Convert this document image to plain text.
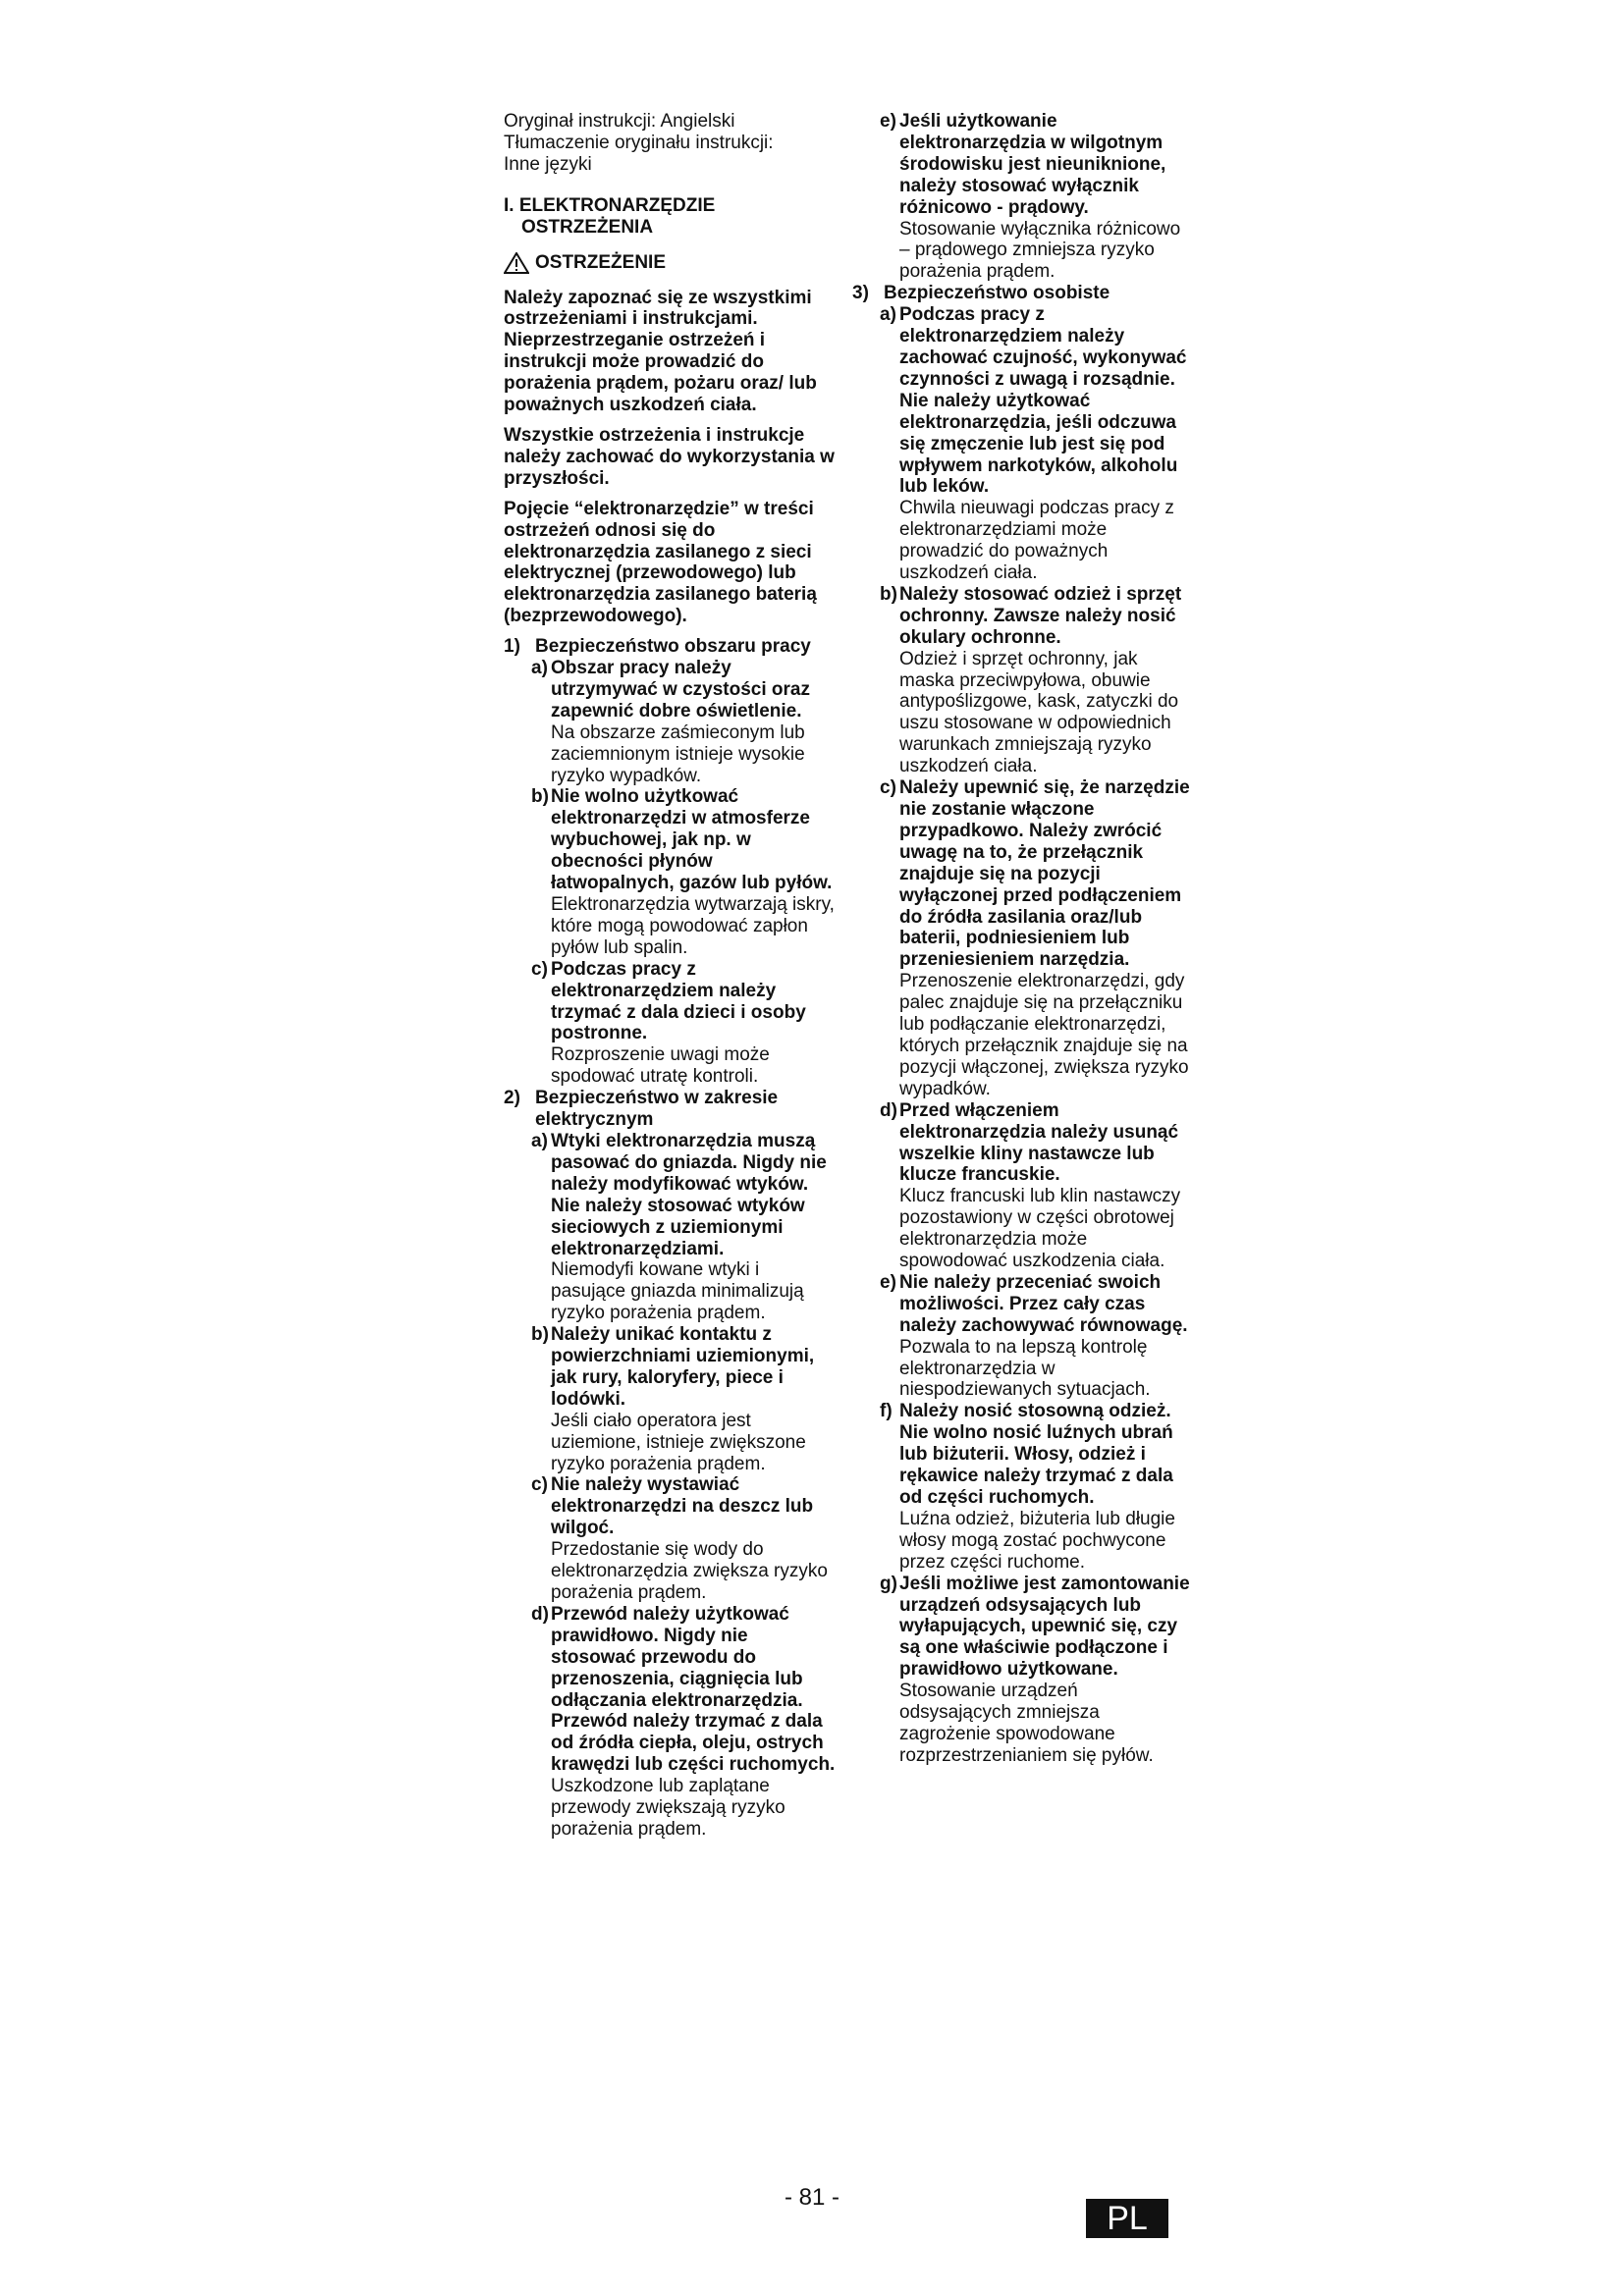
Oryginał instrukcji: Angielski

Tłumaczenie oryginału instrukcji:

Inne języki

I. ELEKTRONARZĘDZIE

OSTRZEŻENIA

OSTRZEŻENIE

Należy zapoznać się ze wszystkimi ostrzeżeniami i instrukcjami. Nieprzestrzeganie ostrzeżeń i instrukcji może prowadzić do porażenia prądem, pożaru oraz/ lub poważnych uszkodzeń ciała.

Wszystkie ostrzeżenia i instrukcje należy zachować do wykorzystania w przyszłości.

Pojęcie “elektronarzędzie” w treści ostrzeżeń odnosi się do elektronarzędzia zasilanego z sieci elektrycznej (przewodowego) lub elektronarzędzia zasilanego baterią (bezprzewodowego).

1) Bezpieczeństwo obszaru pracy
a) Obszar pracy należy utrzymywać w czystości oraz zapewnić dobre oświetlenie.

Na obszarze zaśmieconym lub zaciemnionym istnieje wysokie ryzyko wypadków.

b) Nie wolno użytkować elektronarzędzi w atmosferze wybuchowej, jak np. w obecności płynów łatwopalnych, gazów lub pyłów.

Elektronarzędzia wytwarzają iskry, które mogą powodować zapłon pyłów lub spalin.

c) Podczas pracy z elektronarzędziem należy trzymać z dala dzieci i osoby postronne.

Rozproszenie uwagi może spodować utratę kontroli.

2) Bezpieczeństwo w zakresie elektrycznym
a) Wtyki elektronarzędzia muszą pasować do gniazda. Nigdy nie należy modyfikować wtyków. Nie należy stosować wtyków sieciowych z uziemionymi elektronarzędziami.

Niemodyfi kowane wtyki i pasujące gniazda minimalizują ryzyko porażenia prądem.

b) Należy unikać kontaktu z powierzchniami uziemionymi, jak rury, kaloryfery, piece i lodówki.

Jeśli ciało operatora jest uziemione, istnieje zwiększone ryzyko porażenia prądem.

c) Nie należy wystawiać elektronarzędzi na deszcz lub wilgoć.

Przedostanie się wody do elektronarzędzia zwiększa ryzyko porażenia prądem.

d) Przewód należy użytkować prawidłowo. Nigdy nie stosować przewodu do przenoszenia, ciągnięcia lub odłączania elektronarzędzia. Przewód należy trzymać z dala od źródła ciepła, oleju, ostrych krawędzi lub części ruchomych.

Uszkodzone lub zaplątane przewody zwiększają ryzyko porażenia prądem.

e) Jeśli użytkowanie elektronarzędzia w wilgotnym środowisku jest nieuniknione, należy stosować wyłącznik różnicowo - prądowy.

Stosowanie wyłącznika różnicowo – prądowego zmniejsza ryzyko porażenia prądem.

3) Bezpieczeństwo osobiste
a) Podczas pracy z elektronarzędziem należy zachować czujność, wykonywać czynności z uwagą i rozsądnie. Nie należy użytkować elektronarzędzia, jeśli odczuwa się zmęczenie lub jest się pod wpływem narkotyków, alkoholu lub leków.

Chwila nieuwagi podczas pracy z elektronarzędziami może prowadzić do poważnych uszkodzeń ciała.

b) Należy stosować odzież i sprzęt ochronny. Zawsze należy nosić okulary ochronne.

Odzież i sprzęt ochronny, jak maska przeciwpyłowa, obuwie antypoślizgowe, kask, zatyczki do uszu stosowane w odpowiednich warunkach zmniejszają ryzyko uszkodzeń ciała.

c) Należy upewnić się, że narzędzie nie zostanie włączone przypadkowo. Należy zwrócić uwagę na to, że przełącznik znajduje się na pozycji wyłączonej przed podłączeniem do źródła zasilania oraz/lub baterii, podniesieniem lub przeniesieniem narzędzia.

Przenoszenie elektronarzędzi, gdy palec znajduje się na przełączniku lub podłączanie elektronarzędzi, których przełącznik znajduje się na pozycji włączonej, zwiększa ryzyko wypadków.

d) Przed włączeniem elektronarzędzia należy usunąć wszelkie kliny nastawcze lub klucze francuskie.

Klucz francuski lub klin nastawczy pozostawiony w części obrotowej elektronarzędzia może spowodować uszkodzenia ciała.

e) Nie należy przeceniać swoich możliwości. Przez cały czas należy zachowywać równowagę.

Pozwala to na lepszą kontrolę elektronarzędzia w niespodziewanych sytuacjach.

f) Należy nosić stosowną odzież. Nie wolno nosić luźnych ubrań lub biżuterii. Włosy, odzież i rękawice należy trzymać z dala od części ruchomych.

Luźna odzież, biżuteria lub długie włosy mogą zostać pochwycone przez części ruchome.

g) Jeśli możliwe jest zamontowanie urządzeń odsysających lub wyłapujących, upewnić się, czy są one właściwie podłączone i prawidłowo użytkowane.

Stosowanie urządzeń odsysających zmniejsza zagrożenie spowodowane rozprzestrzenianiem się pyłów.

- 81 -
PL
